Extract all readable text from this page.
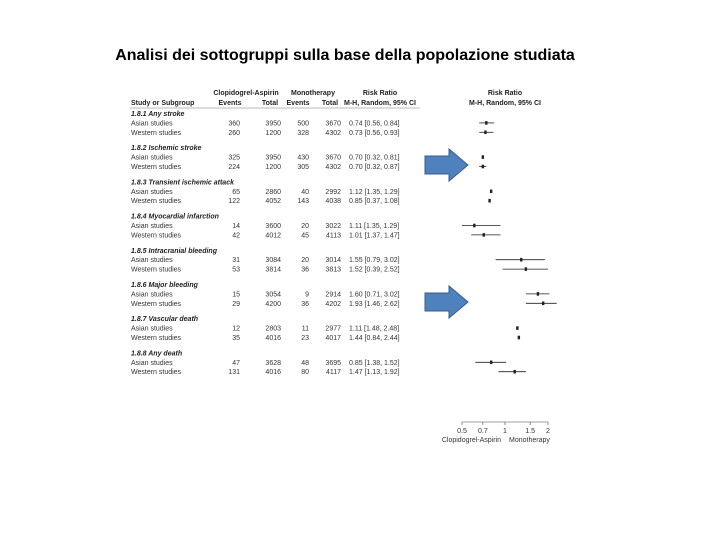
Analisi dei sottogruppi sulla base della popolazione studiata
Clopidogrel-Aspirin Monotherapy	Risk Ratio	Risk Ratio
Study or Subgroup	Events	Total Events Total M-H, Random, 95% CI	M-H, Random, 95% CI
1.8.1 Any stroke
Asian studies	360	3950 500 3670 0.74 [0.56, 0.84]
Western studies	260	1200 328 4302 0.73 [0.56, 0.93]
1.8.2 Ischemic stroke
Asian studies	325	3950 430 3670 0.70 [0.32, 0.81]
Western studies	224	1200 305 4302 0.70 [0.32, 0.87]
1.8.3 Transient ischemic attack
Asian studies	65	2860	40 2992 1.12 [1.35, 1.29]
Western studies	122	4052 143 4038 0.85 [0.37, 1.08]
1.8.4 Myocardial infarction
Asian studies	14	3600	20 3022 1.11 [1.35, 1.29]
Western studies	42	4012	45 4113 1.01 [1.37, 1.47]
1.8.5 Intracranial bleeding
Asian studies	31	3084	20 3014 1.55 [0.79, 3.02]
Western studies	53	3814	36 3813 1.52 [0.39, 2.52]
1.8.6 Major bleeding
Asian studies	15	3054	9 2914 1.60 [0.71, 3.02]
Western studies	29	4200	36 4202 1.93 [1.46, 2.62]
1.8.7 Vascular death
Asian studies	12	2803	11 2977 1.11 [1.48, 2.48]
Western studies	35	4016	23 4017 1.44 [0.84, 2.44]
1.8.8 Any death
Asian studies	47	3628	48 3695 0.85 [1.38, 1.52]
Western studies	131	4016	80 4117 1.47 [1.13, 1.92]
0.5 0.7 1	1.5 2
Clopidogrel-Aspirin Monotherapy
